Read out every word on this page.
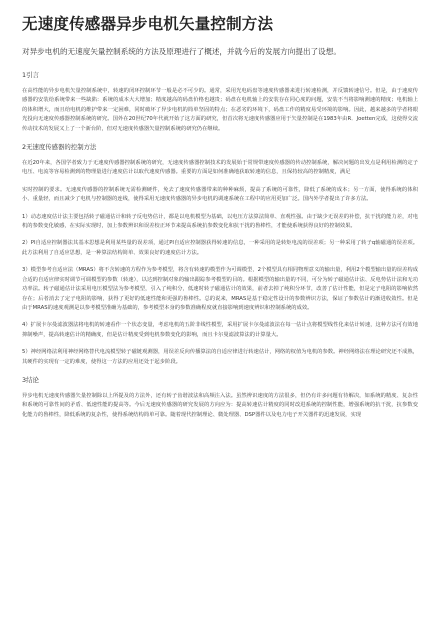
无速度传感器异步电机矢量控制方法
对异步电机的无速度矢量控制系统的方法及原理进行了概述，并就今后的发展方向提出了设想。
1引言
在高性能的异步电机矢量控制系统中，转速的闭环控制环节一般是必不可少的。通常，采用光电码盘等速度传感器来进行转速检测，并反馈转速信号。但是，由于速度传感器的安装给系统带来一些缺陷：系统的成本大大增加；精度越高的码盘价格也越贵；码盘在电机轴上的安装存在同心度的问题，安装不当将影响测速的精度；电机轴上的体积增大，而且给电机的维护带来一定困难，同时破坏了异步电机的简单坚固的特点；在恶劣的环境下，码盘工作的精度易受环境的影响。因此，越来越多的学者将眼光投向无速度传感器控制系统的研究。国外在20世纪70年代就开始了这方面的研究，但首次将无速度传感器应用于矢量控制是在1983年由R．Joetten完成，这使得交流传动技术的发展又上了一个新台阶，但对无速度传感器矢量控制系统的研究仍在继续。
2无速度传感器的控制方法
在近20年来，各国学者致力于无速度传感器控制系统的研究，无速度传感器控制技术的发展始于常规带速度传感器的传动控制系统，解决问题的出发点是利用检测的定子电压、电流等容易检测到的物理量进行速度估计以取代速度传感器。重要的方面是如何准确地获取转速的信息，且保持较高的控制精度，满足
实时控制的要求。无速度传感器的控制系统无需检测硬件，免去了速度传感器带来的种种麻烦，提高了系统的可靠性，降低了系统的成本；另一方面，使得系统的体积小、重量轻，而且减少了电机与控制器的连线，使得采用无速度传感器的异步电机的调速系统在工程中的应用更加广泛。国内外学者提出了许多方法。
1）动态速度估计法主要包括转子磁通估计和转子反电势估计，都是以电机模型为基础，以电压方法算法简单、直观性强。由于缺少无误差的补偿，抗干扰的能力差，对电机的参数变化敏感，在实际实现时，加上参数辨识和误差校正环节来提高系统抗参数变化和抗干扰的鲁棒性，才能使系统获得良好的控制效果。
2）PI自适应控制器法其基本思想是利用某些量的误差项，通过PI自适应控制器获得转速的信息，一种采用的是转矩电流的误差项；另一种采用了转子q轴磁通的误差项。此方法利用了自适应思想，是一种算法结构简单、效果良好的速度估计方法。
3）模型参考自适应法（MRAS）将不含转速的方程作为参考模型，将含有转速的模型作为可调模型，2个模型具有相同物理意义的输出量，利用2个模型输出量的误差构成合适的自适应律实时调节可调模型的参数（转速），以达到控制对象的输出跟踪参考模型的目的。根据模型的输出量的不同，可分为转子磁通估计法、反电势估计法和无功功率法。转子磁通估计法采用电压模型法为参考模型，引入了纯积分，低速时转子磁通估计的效果，前者去掉了纯积分环节，改善了估计性能，但是定子电阻的影响依然存在；后者消去了定子电阻的影响，获得了更好的低速性能和更强的鲁棒性。总的说来，MRAS是基于稳定性设计的参数辨识方法，保证了参数估计的渐进收敛性。但是由于MRAS的速度观测是以参考模型准确为基础的，参考模型本身的参数准确程度就直接影响到速度辨识和控制系统的成效。
4）扩展卡尔曼滤波器法将电机的转速看作一个状态变量，考虑电机的五阶非线性模型，采用扩展卡尔曼滤波法在每一估计点将模型线性化来估计转速，这种方法可有效地抑制噪声，提高转速估计的精确度，但是估计精度受到电机参数变化的影响，而且卡尔曼滤波算法的计算量大。
5）神经网络法利用神经网络替代电流模型转子磁链观测器，用误差反向传播算法的自适应律进行转速估计，网络的权值为电机的参数。神经网络法在理论研究还不成熟，其硬件的实现有一定的难度，使得这一方法的应用还处于起步阶段。
3结论
异步电机无速度传感器矢量控制除以上所提及的方法外，还有转子齿谐波法和高频注入法。虽然辨识速度的方法很多，但仍有许多问题有待解决，如系统的精度、复杂性和系统的可靠性间的矛盾、低速性能的提高等。今后无速度传感器的研究发展的方向应为：提高转速估计精度的同时改进系统的控制性能，增强系统的抗干扰，抗参数变化能力的鲁棒性，降低系统的复杂性，使得系统结构简单可靠。随着现代控制理论、微处理器、DSP器件以及电力电子开关器件的迅速发展，实现
